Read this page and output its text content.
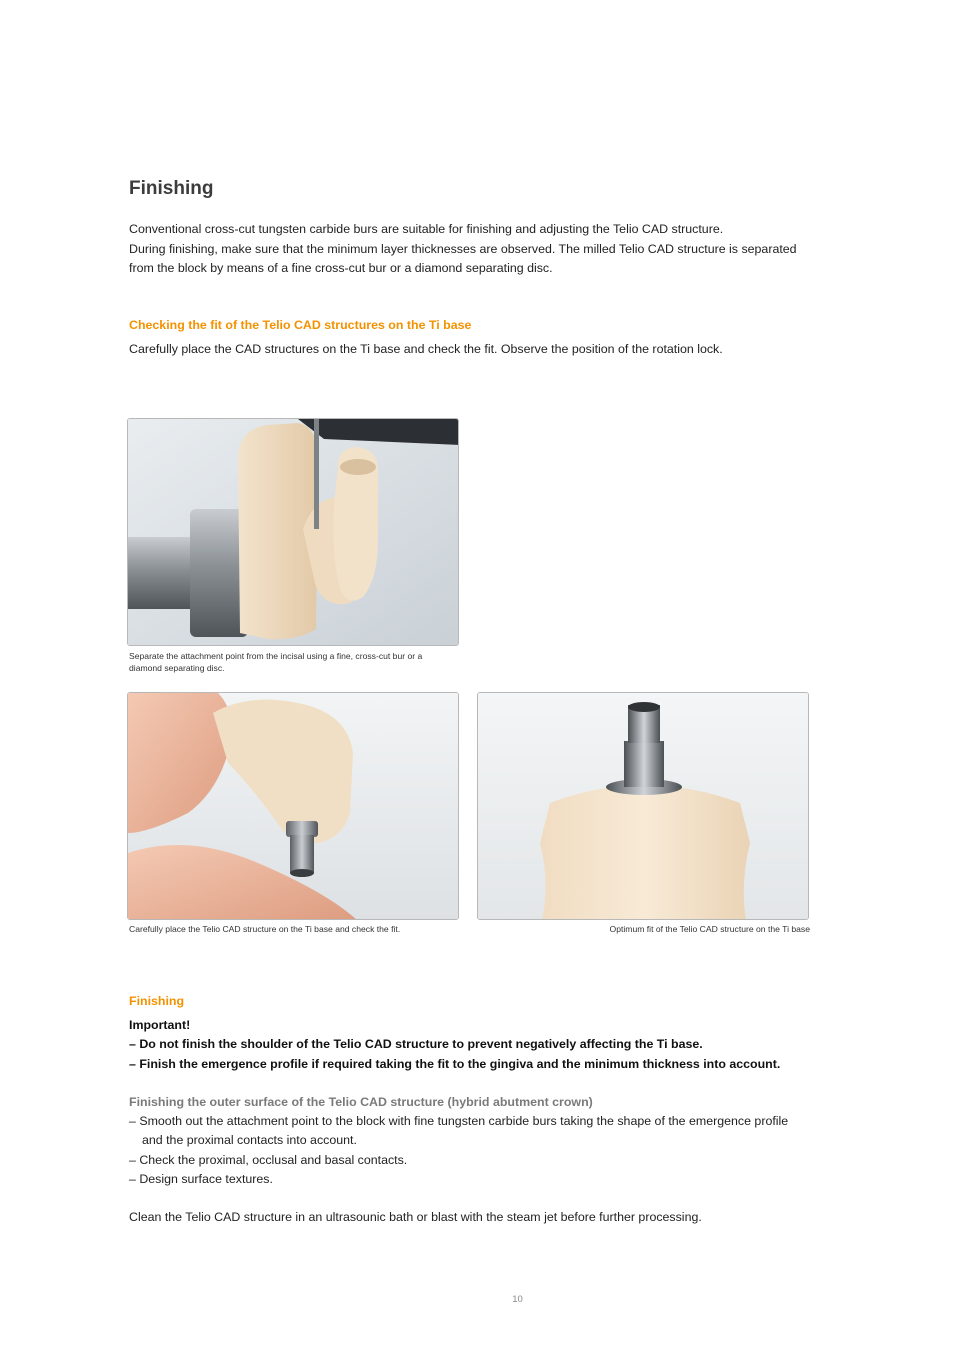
Finishing
Conventional cross-cut tungsten carbide burs are suitable for finishing and adjusting the Telio CAD structure.
During finishing, make sure that the minimum layer thicknesses are observed. The milled Telio CAD structure is separated
from the block by means of a fine cross-cut bur or a diamond separating disc.
Checking the fit of the Telio CAD structures on the Ti base
Carefully place the CAD structures on the Ti base and check the fit. Observe the position of the rotation lock.
Separate the attachment point from the incisal using a fine, cross-cut bur or a
diamond separating disc.
Carefully place the Telio CAD structure on the Ti base and check the fit.	Optimum fit of the Telio CAD structure on the Ti base
Finishing
Important!
– Do not finish the shoulder of the Telio CAD structure to prevent negatively affecting the Ti base.
– Finish the emergence profile if required taking the fit to the gingiva and the minimum thickness into account.
Finishing the outer surface of the Telio CAD structure (hybrid abutment crown)
– Smooth out the attachment point to the block with fine tungsten carbide burs taking the shape of the emergence profile
and the proximal contacts into account.
– Check the proximal, occlusal and basal contacts.
– Design surface textures.
Clean the Telio CAD structure in an ultrasounic bath or blast with the steam jet before further processing.
10
